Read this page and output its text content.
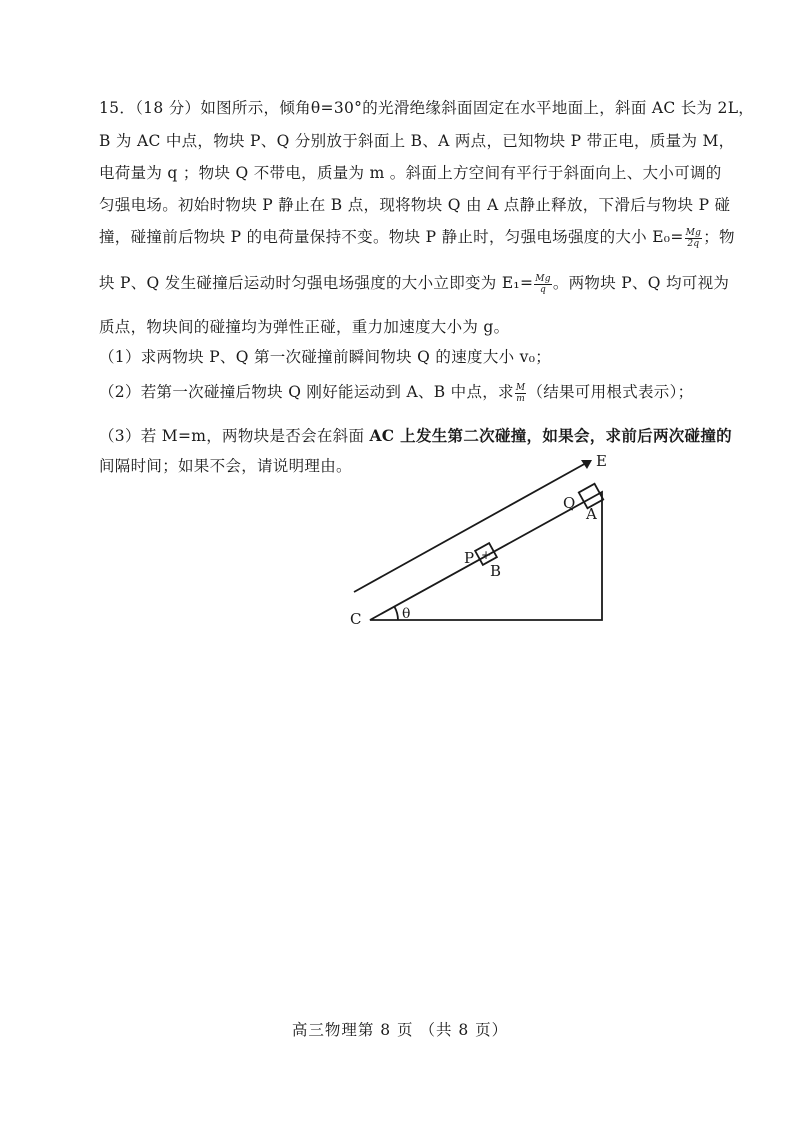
15．（18 分）如图所示，倾角θ=30°的光滑绝缘斜面固定在水平地面上，斜面 AC 长为 2L，
B 为 AC 中点，物块 P、Q 分别放于斜面上 B、A 两点，已知物块 P 带正电，质量为 M，
电荷量为 q ；物块 Q 不带电，质量为 m 。斜面上方空间有平行于斜面向上、大小可调的
匀强电场。初始时物块 P 静止在 B 点，现将物块 Q 由 A 点静止释放，下滑后与物块 P 碰
撞，碰撞前后物块 P 的电荷量保持不变。物块 P 静止时，匀强电场强度的大小 $E_0= \frac{Mg}{2q}$ ；物
块 P、Q 发生碰撞后运动时匀强电场强度的大小立即变为 $E_1= \frac{Mg}{q}$ 。两物块 P、Q 均可视为
质点，物块间的碰撞均为弹性正碰，重力加速度大小为 g。
（1）求两物块 P、Q 第一次碰撞前瞬间物块 Q 的速度大小 v₀；
（2）若第一次碰撞后物块 Q 刚好能运动到 A、B 中点，求 $\frac{M}{m}$ （结果可用根式表示）；
（3）若 M=m，两物块是否会在斜面 AC 上发生第二次碰撞，如果会，求前后两次碰撞的
间隔时间；如果不会，请说明理由。	E
Q
A
P +
B
C	θ
高三物理第 8 页 （共 8 页）
